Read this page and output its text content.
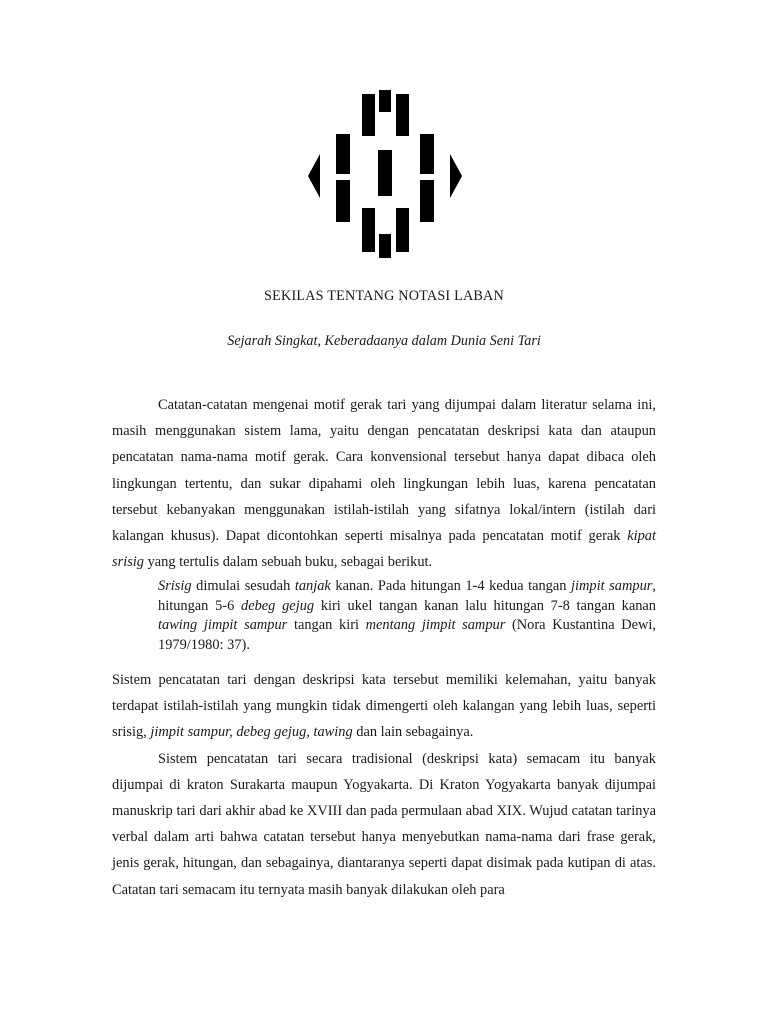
SEKILAS TENTANG NOTASI LABAN
Sejarah Singkat, Keberadaanya dalam Dunia Seni Tari

Catatan-catatan mengenai motif gerak tari yang dijumpai dalam literatur selama ini, masih menggunakan sistem lama, yaitu dengan pencatatan deskripsi kata dan ataupun pencatatan nama-nama motif gerak. Cara konvensional tersebut hanya dapat dibaca oleh lingkungan tertentu, dan sukar dipahami oleh lingkungan lebih luas, karena pencatatan tersebut kebanyakan menggunakan istilah-istilah yang sifatnya lokal/intern (istilah dari kalangan khusus). Dapat dicontohkan seperti misalnya pada pencatatan motif gerak kipat srisig yang tertulis dalam sebuah buku, sebagai berikut.

Srisig dimulai sesudah tanjak kanan. Pada hitungan 1-4 kedua tangan jimpit sampur, hitungan 5-6 debeg gejug kiri ukel tangan kanan lalu hitungan 7-8 tangan kanan tawing jimpit sampur tangan kiri mentang jimpit sampur (Nora Kustantina Dewi, 1979/1980: 37).

Sistem pencatatan tari dengan deskripsi kata tersebut memiliki kelemahan, yaitu banyak terdapat istilah-istilah yang mungkin tidak dimengerti oleh kalangan yang lebih luas, seperti srisig, jimpit sampur, debeg gejug, tawing dan lain sebagainya.

Sistem pencatatan tari secara tradisional (deskripsi kata) semacam itu banyak dijumpai di kraton Surakarta maupun Yogyakarta. Di Kraton Yogyakarta banyak dijumpai manuskrip tari dari akhir abad ke XVIII dan pada permulaan abad XIX. Wujud catatan tarinya verbal dalam arti bahwa catatan tersebut hanya menyebutkan nama-nama dari frase gerak, jenis gerak, hitungan, dan sebagainya, diantaranya seperti dapat disimak pada kutipan di atas. Catatan tari semacam itu ternyata masih banyak dilakukan oleh para
